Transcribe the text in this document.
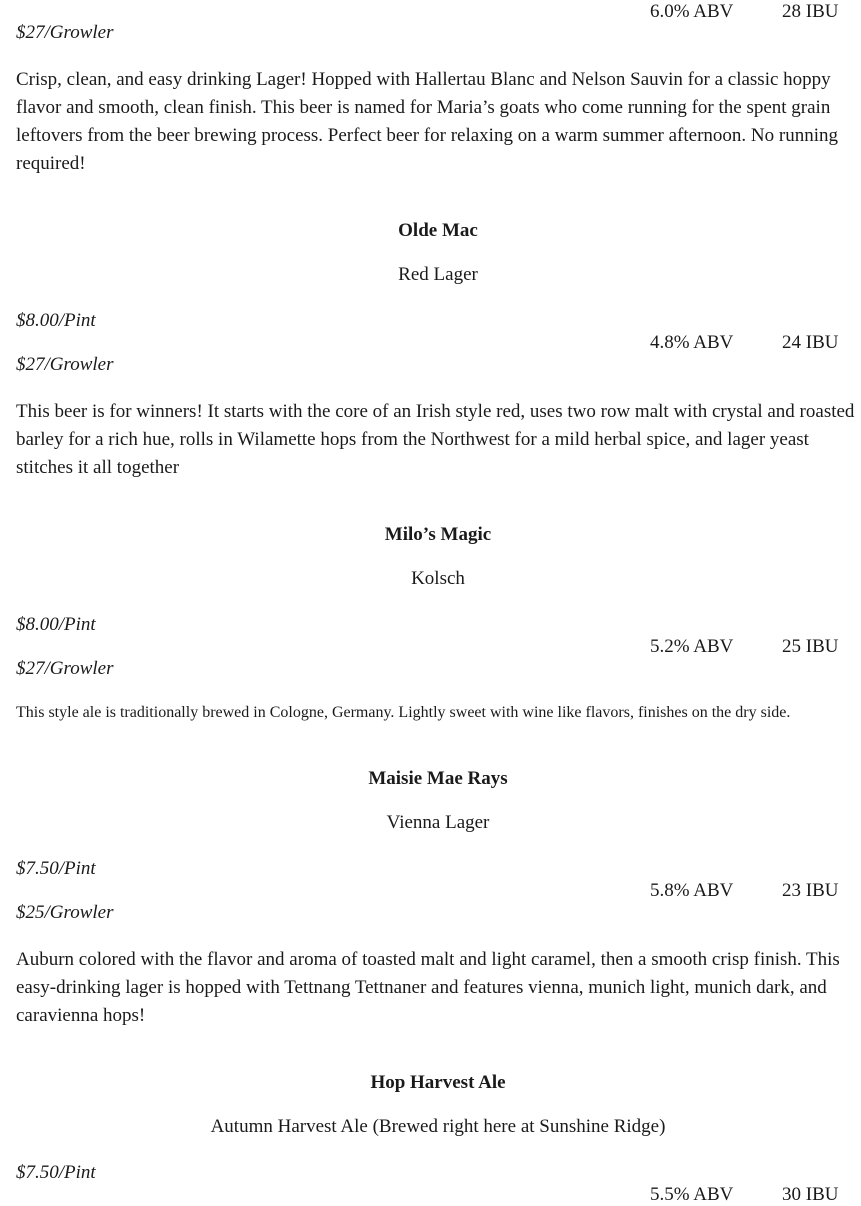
$27/Growler
6.0% ABV	28 IBU
Crisp, clean, and easy drinking Lager! Hopped with Hallertau Blanc and Nelson Sauvin for a classic hoppy flavor and smooth, clean finish. This beer is named for Maria’s goats who come running for the spent grain leftovers from the beer brewing process. Perfect beer for relaxing on a warm summer afternoon. No running required!
Olde Mac
Red Lager
$8.00/Pint
$27/Growler
4.8% ABV	24 IBU
This beer is for winners! It starts with the core of an Irish style red, uses two row malt with crystal and roasted barley for a rich hue, rolls in Wilamette hops from the Northwest for a mild herbal spice, and lager yeast stitches it all together
Milo’s Magic
Kolsch
$8.00/Pint
$27/Growler
5.2% ABV	25 IBU
This style ale is traditionally brewed in Cologne, Germany. Lightly sweet with wine like flavors, finishes on the dry side.
Maisie Mae Rays
Vienna Lager
$7.50/Pint
$25/Growler
5.8% ABV	23 IBU
Auburn colored with the flavor and aroma of toasted malt and light caramel, then a smooth crisp finish. This easy-drinking lager is hopped with Tettnang Tettnaner and features vienna, munich light, munich dark, and caravienna hops!
Hop Harvest Ale
Autumn Harvest Ale (Brewed right here at Sunshine Ridge)
$7.50/Pint
5.5% ABV	30 IBU
